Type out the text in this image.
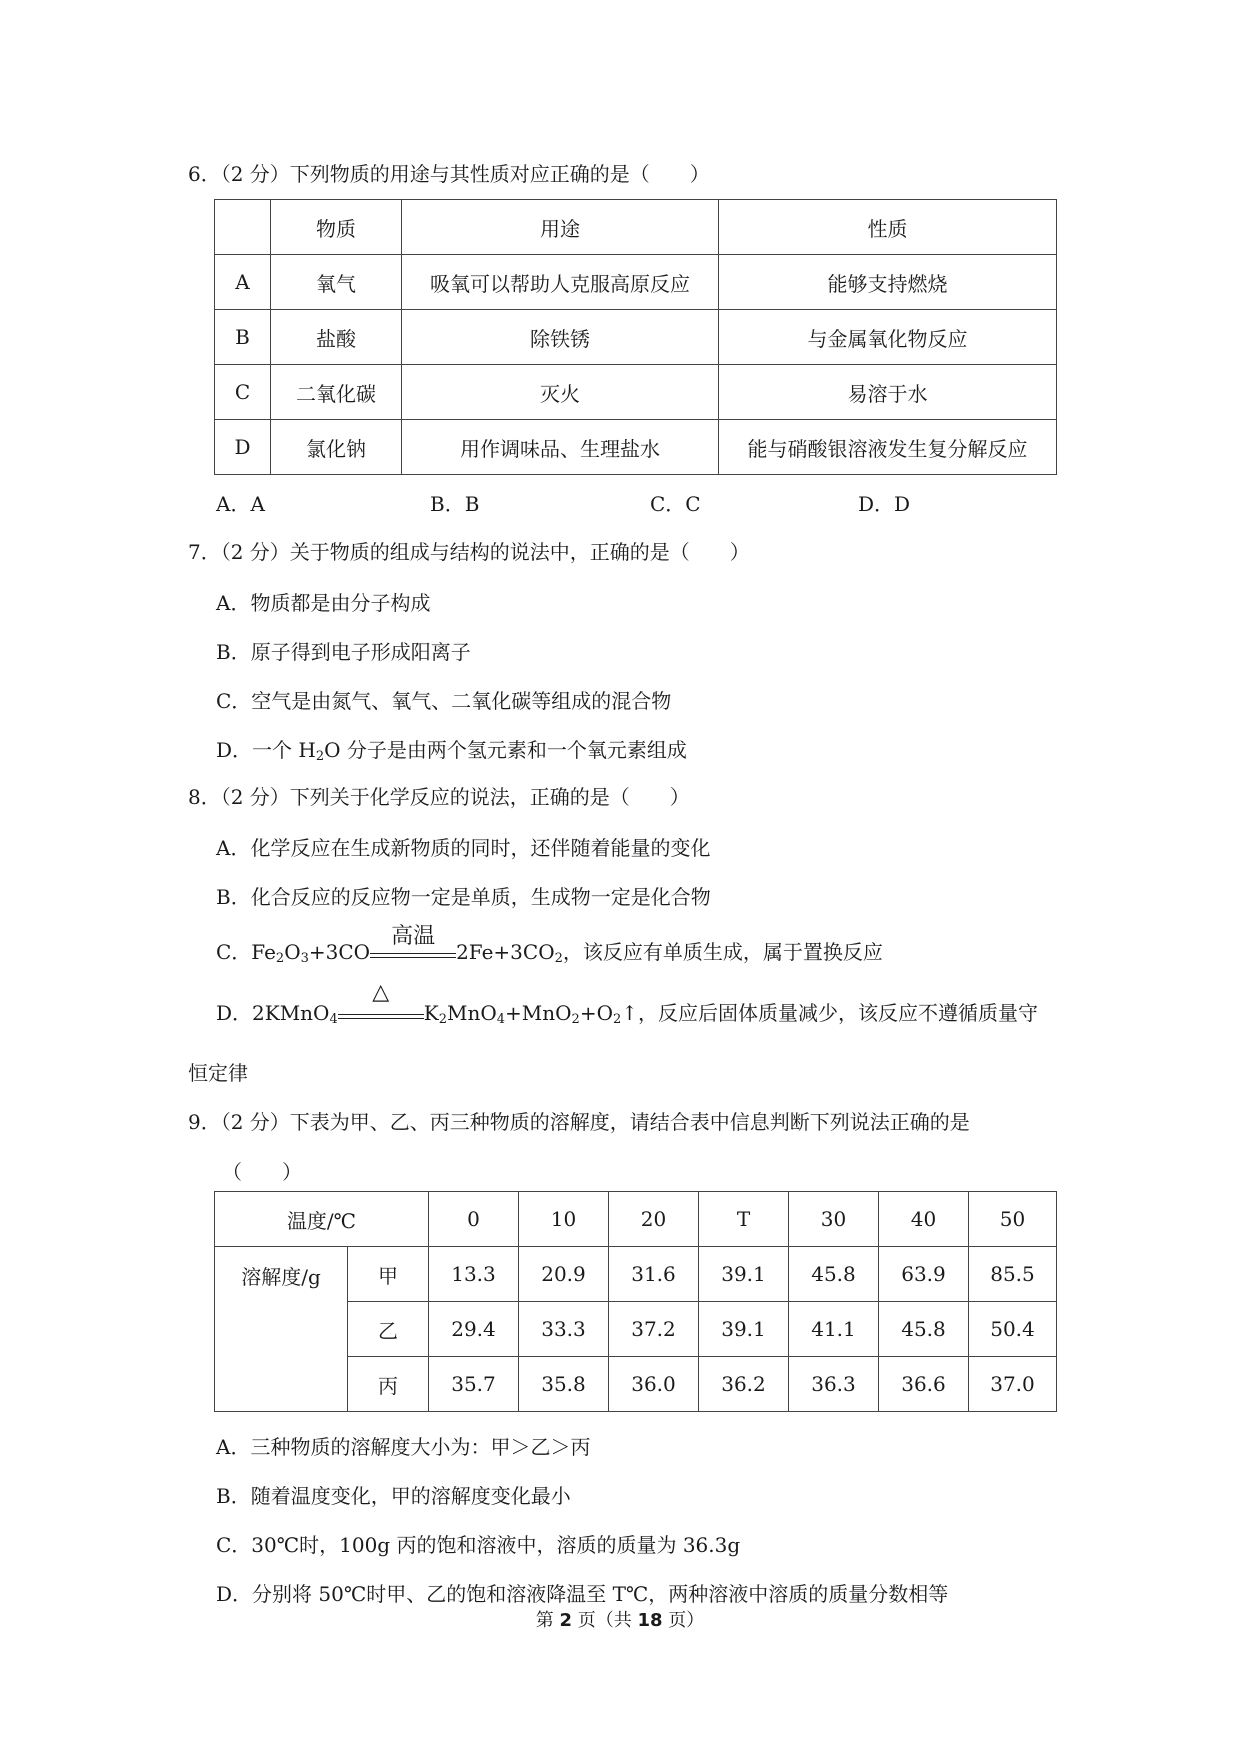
6．（2 分）下列物质的用途与其性质对应正确的是（　　）
	物质	用途	性质
A	氧气	吸氧可以帮助人克服高原反应	能够支持燃烧
B	盐酸	除铁锈	与金属氧化物反应
C	二氧化碳	灭火	易溶于水
D	氯化钠	用作调味品、生理盐水	能与硝酸银溶液发生复分解反应
A．A	B．B	C．C	D．D
7．（2 分）关于物质的组成与结构的说法中，正确的是（　　）
A．物质都是由分子构成
B．原子得到电子形成阳离子
C．空气是由氮气、氧气、二氧化碳等组成的混合物
D．一个 $H_2O$ 分子是由两个氢元素和一个氧元素组成
8．（2 分）下列关于化学反应的说法，正确的是（　　）
A．化学反应在生成新物质的同时，还伴随着能量的变化
B．化合反应的反应物一定是单质，生成物一定是化合物
C．$Fe_2O_3+3CO$
高温
$2Fe+3CO_2$，该反应有单质生成，属于置换反应
D．2KMnO$_4$
△
$K_2MnO_4+MnO_2+O_2↑$，反应后固体质量减少，该反应不遵循质量守
恒定律
9．（2 分）下表为甲、乙、丙三种物质的溶解度，请结合表中信息判断下列说法正确的是
（　　）
温度/℃		0	10	20	T	30	40	50
溶解度/g	甲	13.3	20.9	31.6	39.1	45.8	63.9	85.5
	乙	29.4	33.3	37.2	39.1	41.1	45.8	50.4
	丙	35.7	35.8	36.0	36.2	36.3	36.6	37.0
A．三种物质的溶解度大小为：甲＞乙＞丙
B．随着温度变化，甲的溶解度变化最小
C．30℃时，100g 丙的饱和溶液中，溶质的质量为 36.3g
D．分别将 50℃时甲、乙的饱和溶液降温至 T℃，两种溶液中溶质的质量分数相等
第 2 页（共 18 页）
